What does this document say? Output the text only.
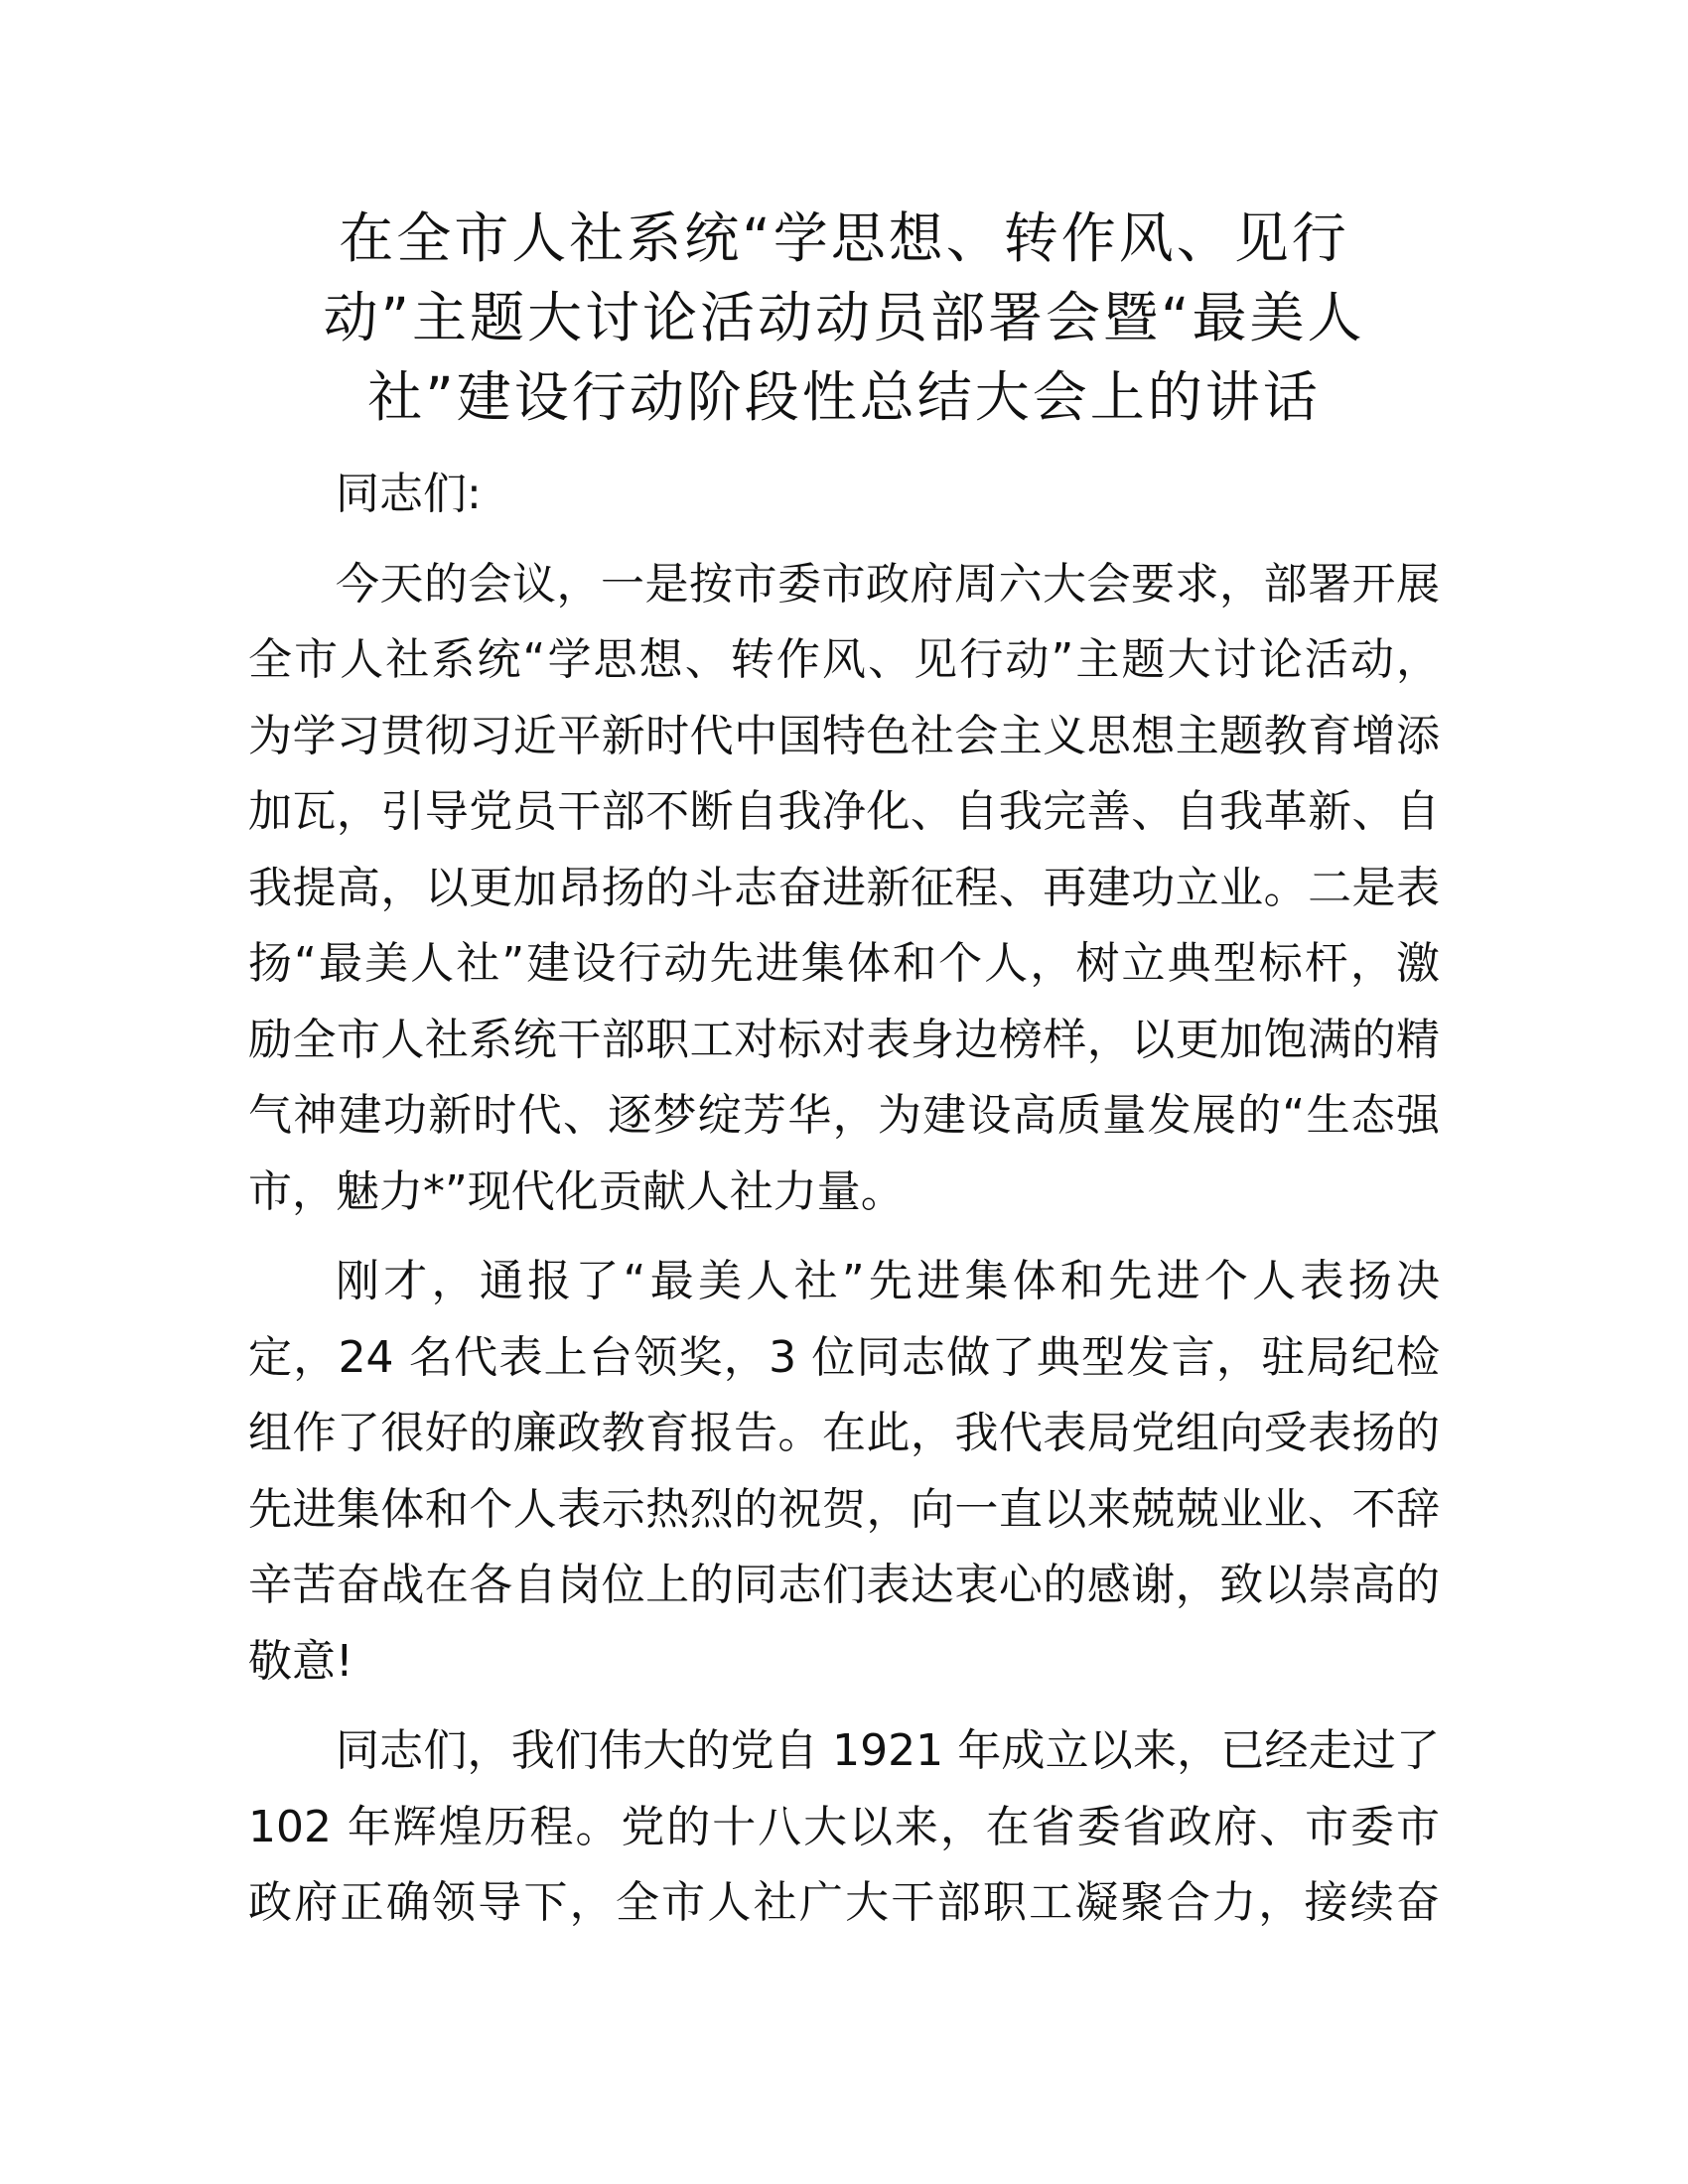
在全市人社系统“学思想、转作风、见行
动”主题大讨论活动动员部署会暨“最美人
社”建设行动阶段性总结大会上的讲话
同志们:
今天的会议，一是按市委市政府周六大会要求，部署开展
全市人社系统“学思想、转作风、见行动”主题大讨论活动，
为学习贯彻习近平新时代中国特色社会主义思想主题教育增添
加瓦，引导党员干部不断自我净化、自我完善、自我革新、自
我提高，以更加昂扬的斗志奋进新征程、再建功立业。二是表
扬“最美人社”建设行动先进集体和个人，树立典型标杆，激
励全市人社系统干部职工对标对表身边榜样，以更加饱满的精
气神建功新时代、逐梦绽芳华，为建设高质量发展的“生态强
市，魅力*”现代化贡献人社力量。
刚才，通报了“最美人社”先进集体和先进个人表扬决
定，24 名代表上台领奖，3 位同志做了典型发言，驻局纪检
组作了很好的廉政教育报告。在此，我代表局党组向受表扬的
先进集体和个人表示热烈的祝贺，向一直以来兢兢业业、不辞
辛苦奋战在各自岗位上的同志们表达衷心的感谢，致以崇高的
敬意!
同志们，我们伟大的党自 1921 年成立以来，已经走过了
102 年辉煌历程。党的十八大以来，在省委省政府、市委市
政府正确领导下，全市人社广大干部职工凝聚合力，接续奋
